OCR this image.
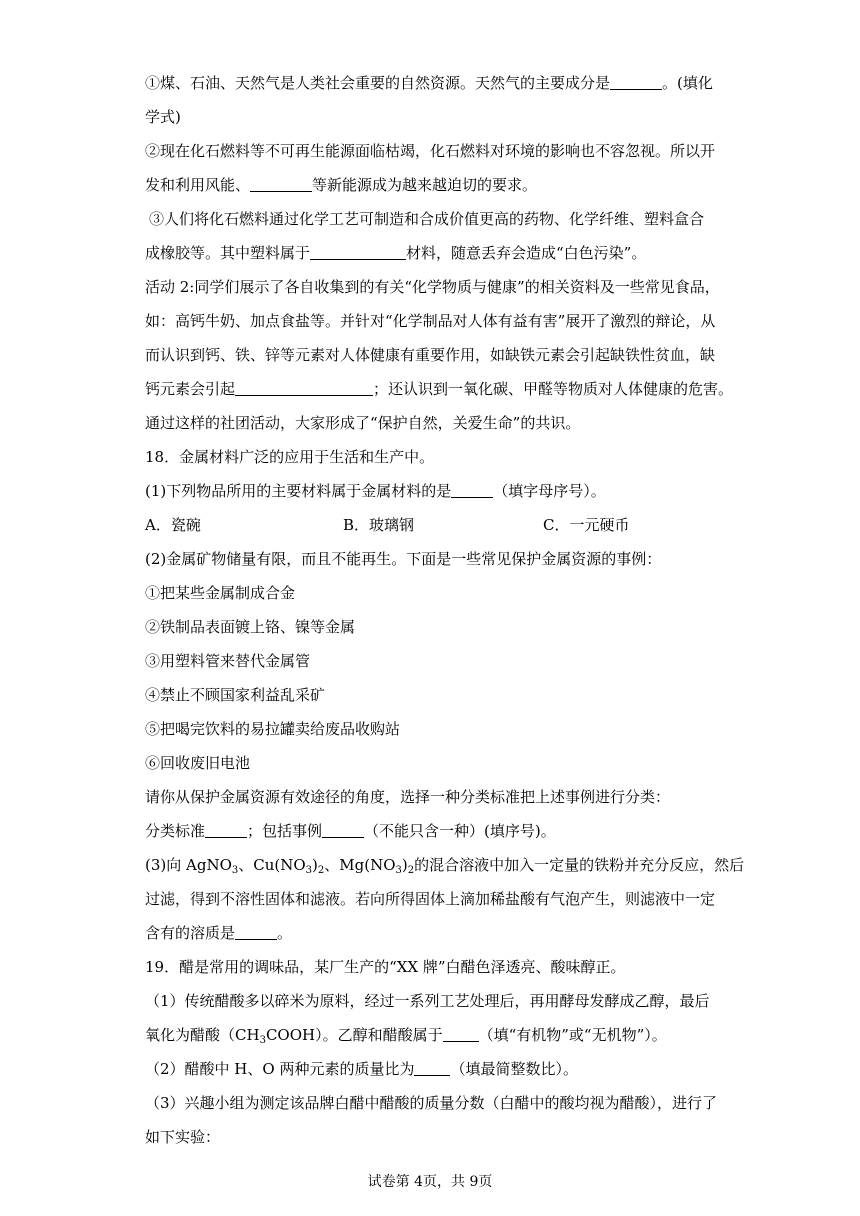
①煤、石油、天然气是人类社会重要的自然资源。天然气的主要成分是	。(填化
学式)
②现在化石燃料等不可再生能源面临枯竭，化石燃料对环境的影响也不容忽视。所以开
发和利用风能、	等新能源成为越来越迫切的要求。
③人们将化石燃料通过化学工艺可制造和合成价值更高的药物、化学纤维、塑料盒合
成橡胶等。其中塑料属于	材料，随意丢弃会造成“白色污染”。
活动 2:同学们展示了各自收集到的有关“化学物质与健康”的相关资料及一些常见食品，
如：高钙牛奶、加点食盐等。并针对“化学制品对人体有益有害”展开了激烈的辩论，从
而认识到钙、铁、锌等元素对人体健康有重要作用，如缺铁元素会引起缺铁性贫血，缺
钙元素会引起	；还认识到一氧化碳、甲醛等物质对人体健康的危害。
通过这样的社团活动，大家形成了“保护自然，关爱生命”的共识。
18．金属材料广泛的应用于生活和生产中。
(1)下列物品所用的主要材料属于金属材料的是	（填字母序号）。
A．瓷碗	B．玻璃钢	C．一元硬币
(2)金属矿物储量有限，而且不能再生。下面是一些常见保护金属资源的事例：
①把某些金属制成合金
②铁制品表面镀上铬、镍等金属
③用塑料管来替代金属管
④禁止不顾国家利益乱采矿
⑤把喝完饮料的易拉罐卖给废品收购站
⑥回收废旧电池
请你从保护金属资源有效途径的角度，选择一种分类标准把上述事例进行分类：
分类标准	；包括事例	（不能只含一种）(填序号)。
(3)向 AgNO$_3$、$Cu(NO_3)_2$、$Mg(NO_3)_2$的混合溶液中加入一定量的铁粉并充分反应，然后
过滤，得到不溶性固体和滤液。若向所得固体上滴加稀盐酸有气泡产生，则滤液中一定
含有的溶质是	。
19．醋是常用的调味品，某厂生产的“XX 牌”白醋色泽透亮、酸味醇正。
（1）传统醋酸多以碎米为原料，经过一系列工艺处理后，再用酵母发酵成乙醇，最后
氧化为醋酸$(CH_3COOH)$。乙醇和醋酸属于 （填“有机物”或“无机物”）。
（2）醋酸中 H、O 两种元素的质量比为 （填最简整数比）。
（3）兴趣小组为测定该品牌白醋中醋酸的质量分数（白醋中的酸均视为醋酸），进行了
如下实验：
试卷第 4页，共 9页
